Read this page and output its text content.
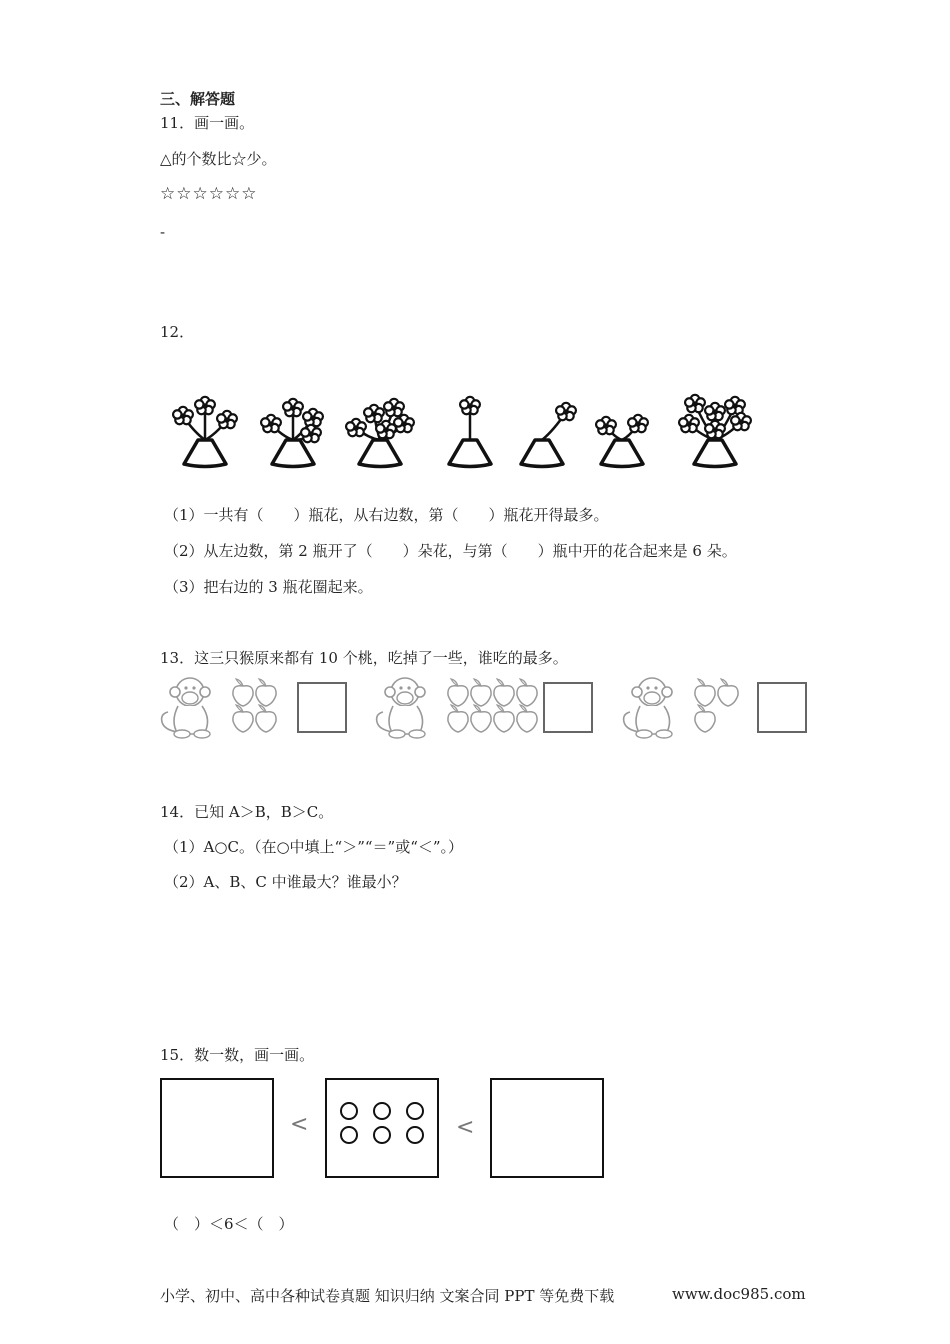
三、解答题
11．画一画。
△的个数比☆少。
☆☆☆☆☆☆
-
12．
（1）一共有（　　）瓶花，从右边数，第（　　）瓶花开得最多。
（2）从左边数，第 2 瓶开了（　　）朵花，与第（　　）瓶中开的花合起来是 6 朵。
（3）把右边的 3 瓶花圈起来。
13．这三只猴原来都有 10 个桃，吃掉了一些，谁吃的最多。
14．已知 A＞B，B＞C。
（1）A○C。（在○中填上“＞”“＝”或“＜”。）
（2）A、B、C 中谁最大？谁最小？
15．数一数，画一画。
<	<
（　）＜6＜（　）
小学、初中、高中各种试卷真题 知识归纳 文案合同 PPT 等免费下载	www.doc985.com
